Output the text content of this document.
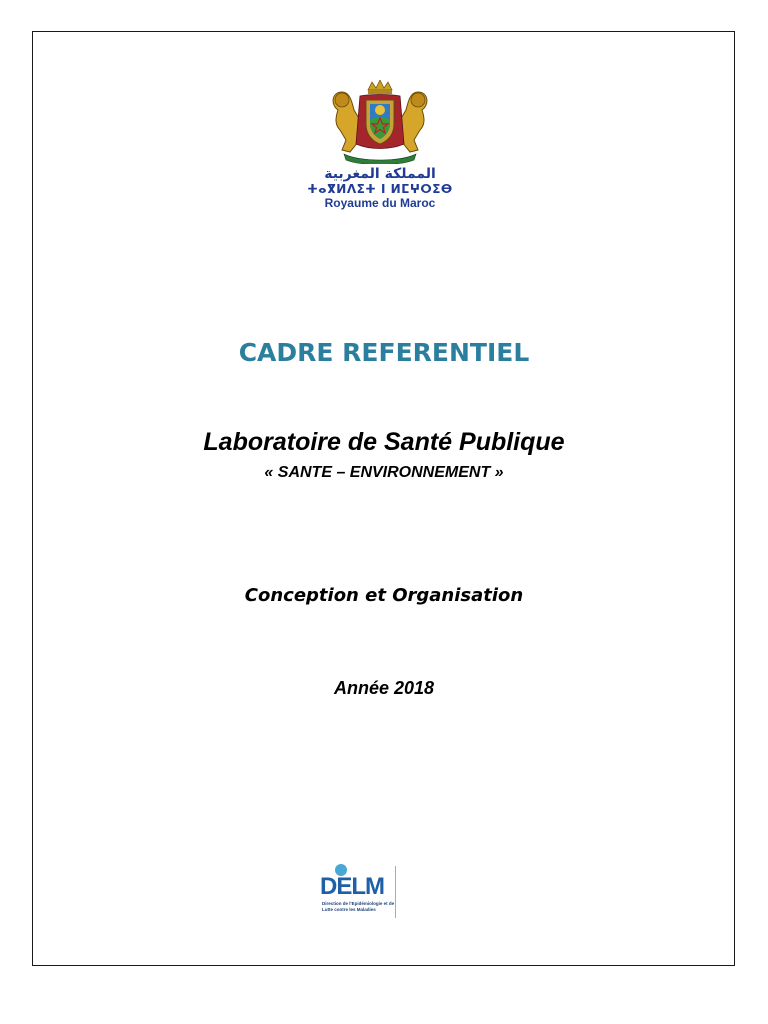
المملكة المغربية
ⵜⴰⴳⵍⴷⵉⵜ ⵏ ⵍⵎⵖⵔⵉⴱ
Royaume du Maroc
CADRE REFERENTIEL
Laboratoire de Santé Publique
« SANTE – ENVIRONNEMENT »
Conception et Organisation
Année 2018
DELM
Direction de l'Epidémiologie et de Lutte contre les Maladies
